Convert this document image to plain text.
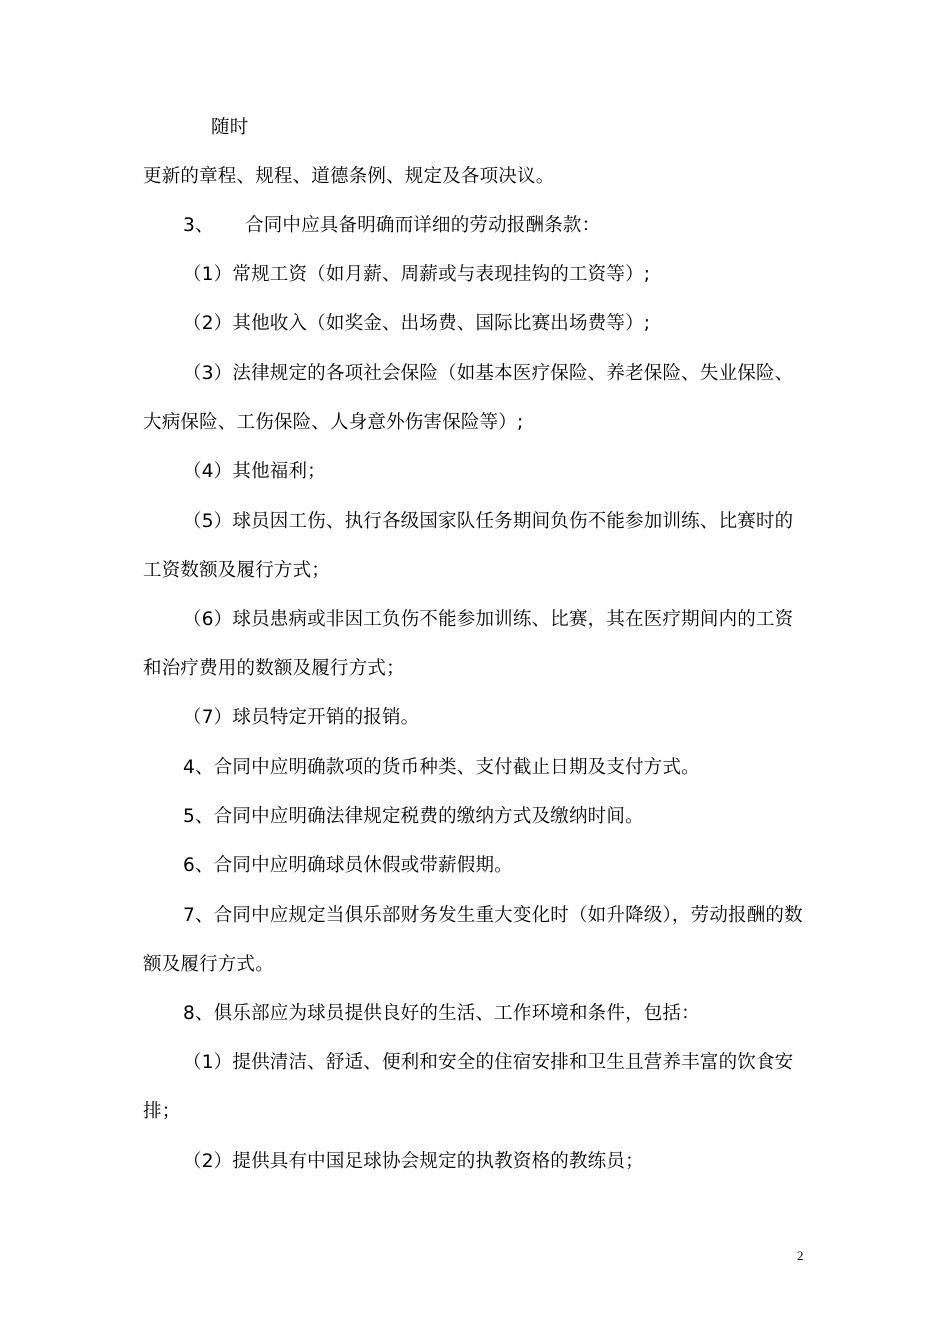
随时
更新的章程、规程、道德条例、规定及各项决议。
3、 合同中应具备明确而详细的劳动报酬条款：
（1）常规工资（如月薪、周薪或与表现挂钩的工资等）;
（2）其他收入（如奖金、出场费、国际比赛出场费等）;
（3）法律规定的各项社会保险（如基本医疗保险、养老保险、失业保险、
大病保险、工伤保险、人身意外伤害保险等）;
（4）其他福利；
（5）球员因工伤、执行各级国家队任务期间负伤不能参加训练、比赛时的
工资数额及履行方式；
（6）球员患病或非因工负伤不能参加训练、比赛，其在医疗期间内的工资
和治疗费用的数额及履行方式；
（7）球员特定开销的报销。
4、合同中应明确款项的货币种类、支付截止日期及支付方式。
5、合同中应明确法律规定税费的缴纳方式及缴纳时间。
6、合同中应明确球员休假或带薪假期。
7、合同中应规定当俱乐部财务发生重大变化时（如升降级），劳动报酬的数
额及履行方式。
8、俱乐部应为球员提供良好的生活、工作环境和条件，包括：
（1）提供清洁、舒适、便利和安全的住宿安排和卫生且营养丰富的饮食安
排；
（2）提供具有中国足球协会规定的执教资格的教练员；
2
